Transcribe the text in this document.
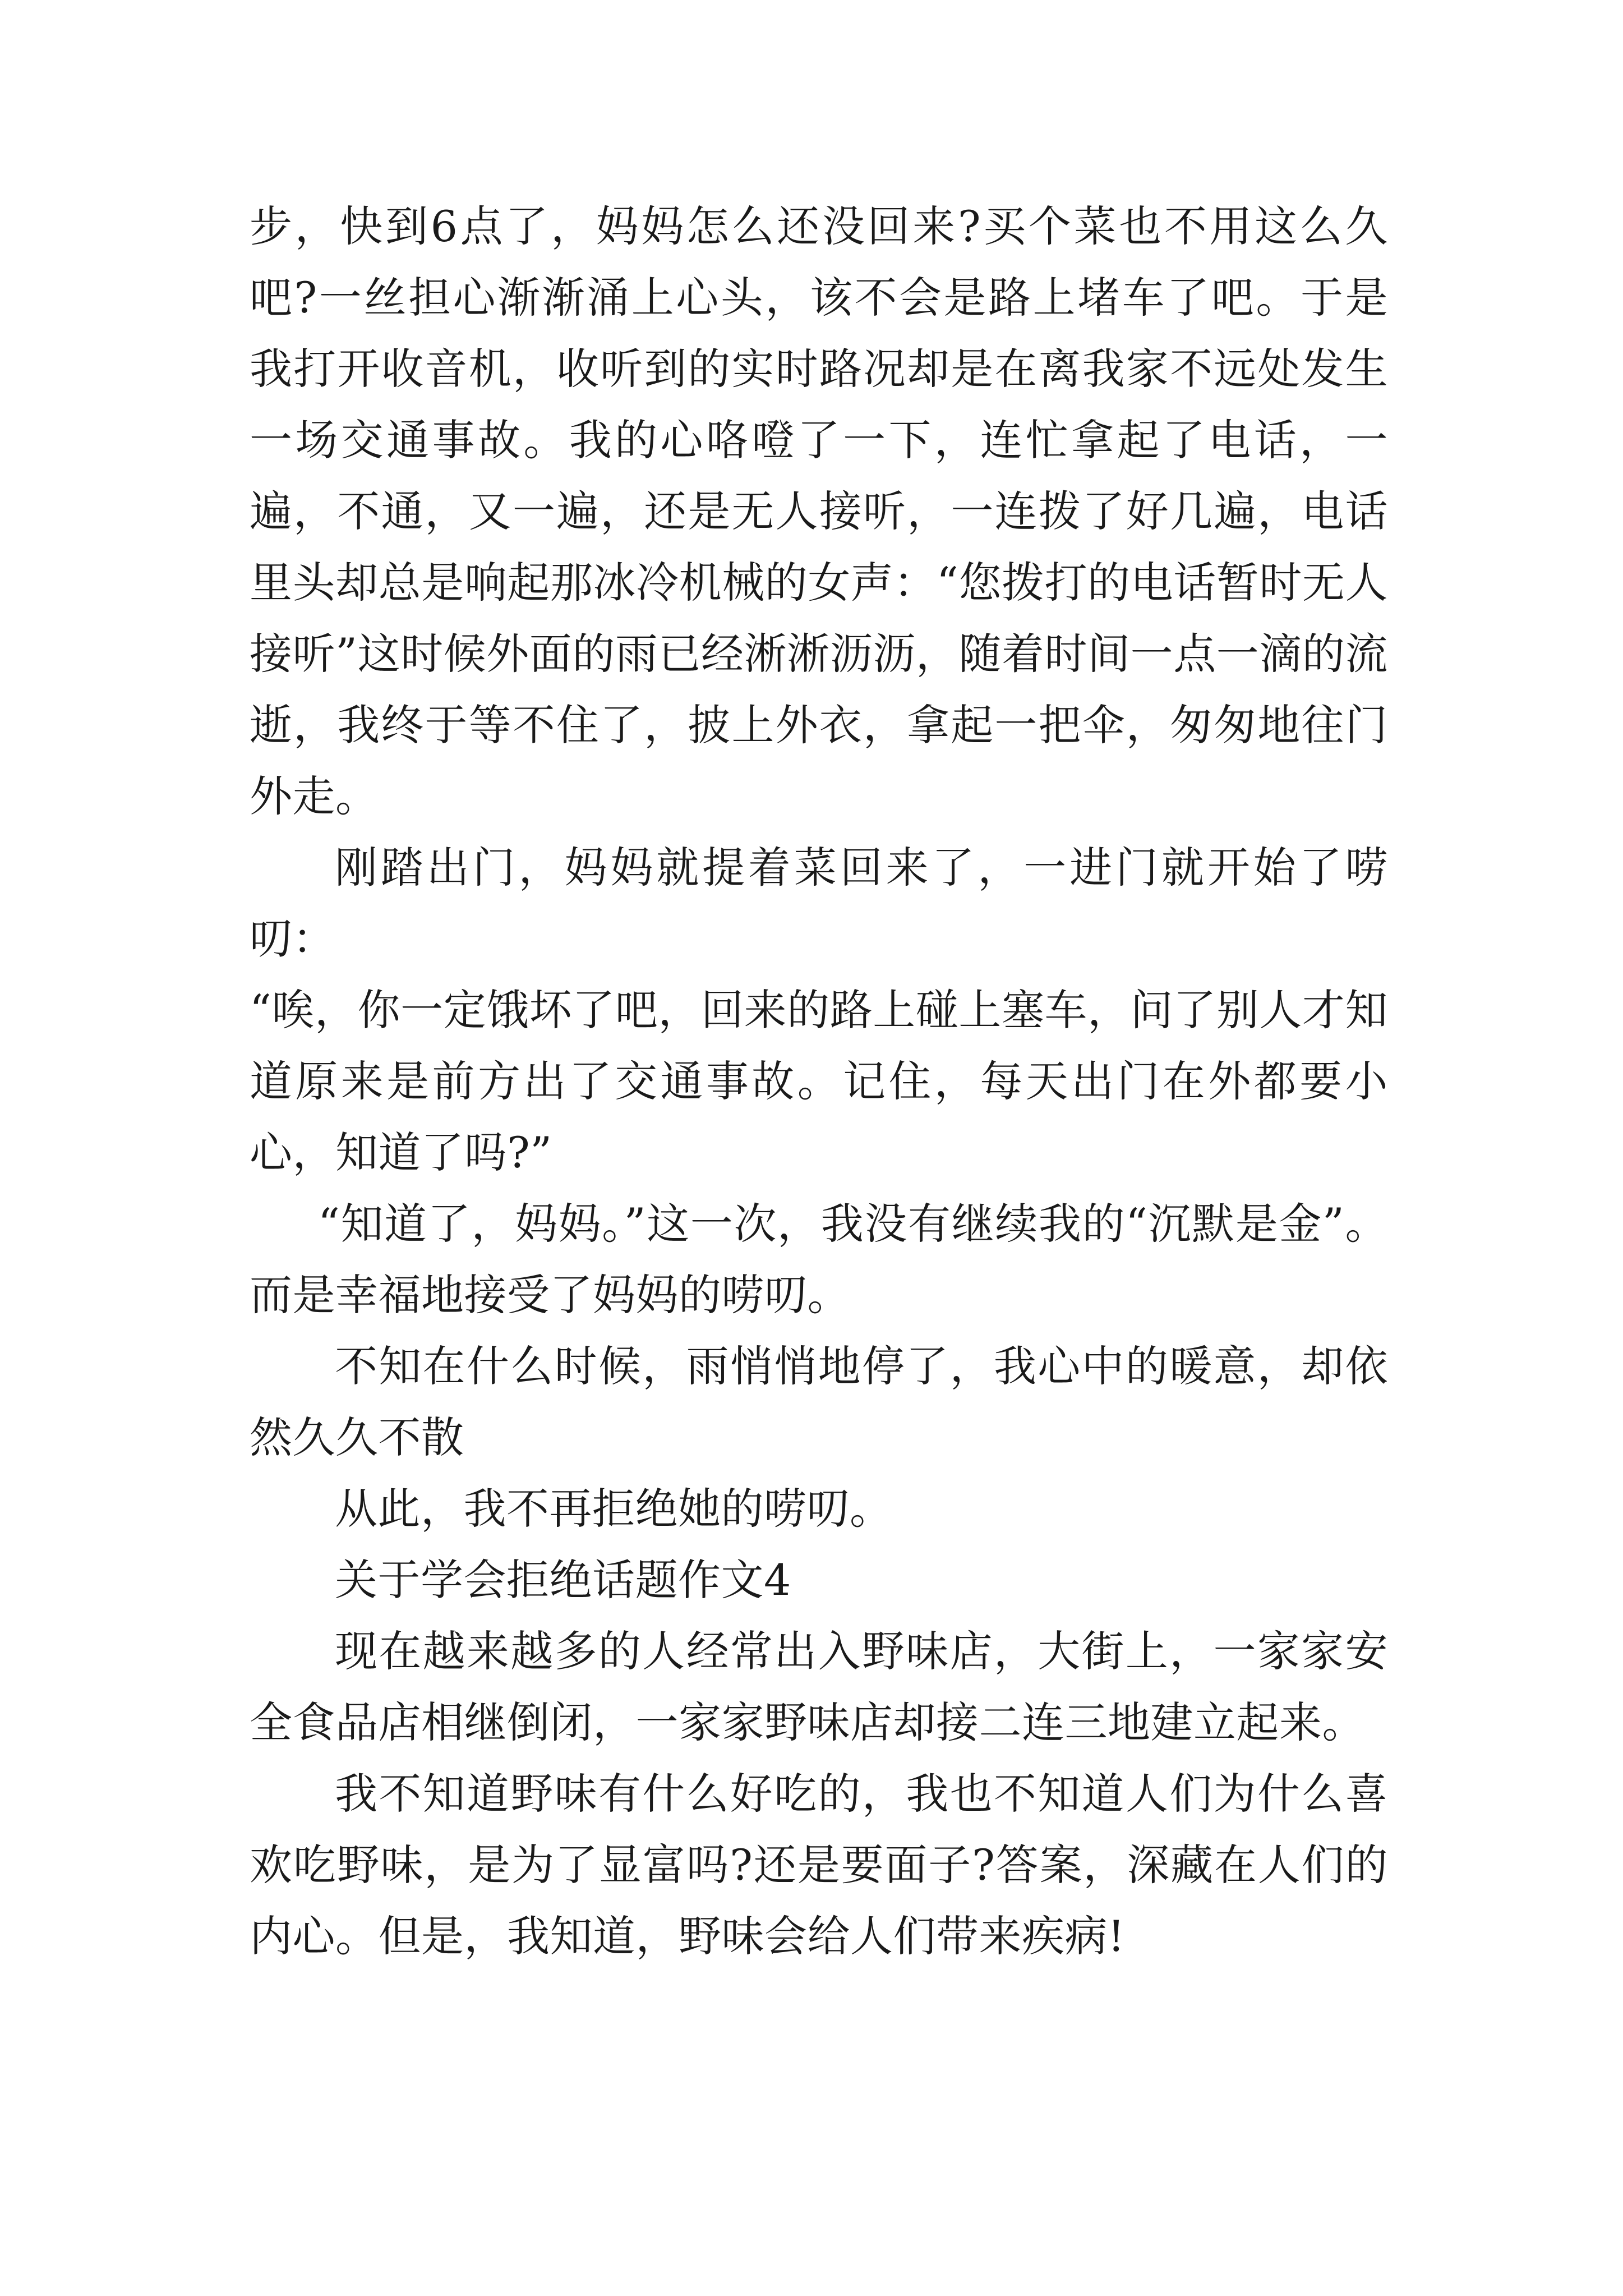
步，快到6点了，妈妈怎么还没回来?买个菜也不用这么久吧?一丝担心渐渐涌上心头，该不会是路上堵车了吧。于是我打开收音机，收听到的实时路况却是在离我家不远处发生一场交通事故。我的心咯噔了一下，连忙拿起了电话，一遍，不通，又一遍，还是无人接听，一连拨了好几遍，电话里头却总是响起那冰冷机械的女声：“您拨打的电话暂时无人接听”这时候外面的雨已经淅淅沥沥，随着时间一点一滴的流逝，我终于等不住了，披上外衣，拿起一把伞，匆匆地往门外走。

刚踏出门，妈妈就提着菜回来了，一进门就开始了唠叨：

“唉，你一定饿坏了吧，回来的路上碰上塞车，问了别人才知道原来是前方出了交通事故。记住，每天出门在外都要小心，知道了吗?”

“知道了，妈妈。”这一次，我没有继续我的“沉默是金”。而是幸福地接受了妈妈的唠叨。

不知在什么时候，雨悄悄地停了，我心中的暖意，却依然久久不散

从此，我不再拒绝她的唠叨。

关于学会拒绝话题作文4

现在越来越多的人经常出入野味店，大街上，一家家安全食品店相继倒闭，一家家野味店却接二连三地建立起来。

我不知道野味有什么好吃的，我也不知道人们为什么喜欢吃野味，是为了显富吗?还是要面子?答案，深藏在人们的内心。但是，我知道，野味会给人们带来疾病!
